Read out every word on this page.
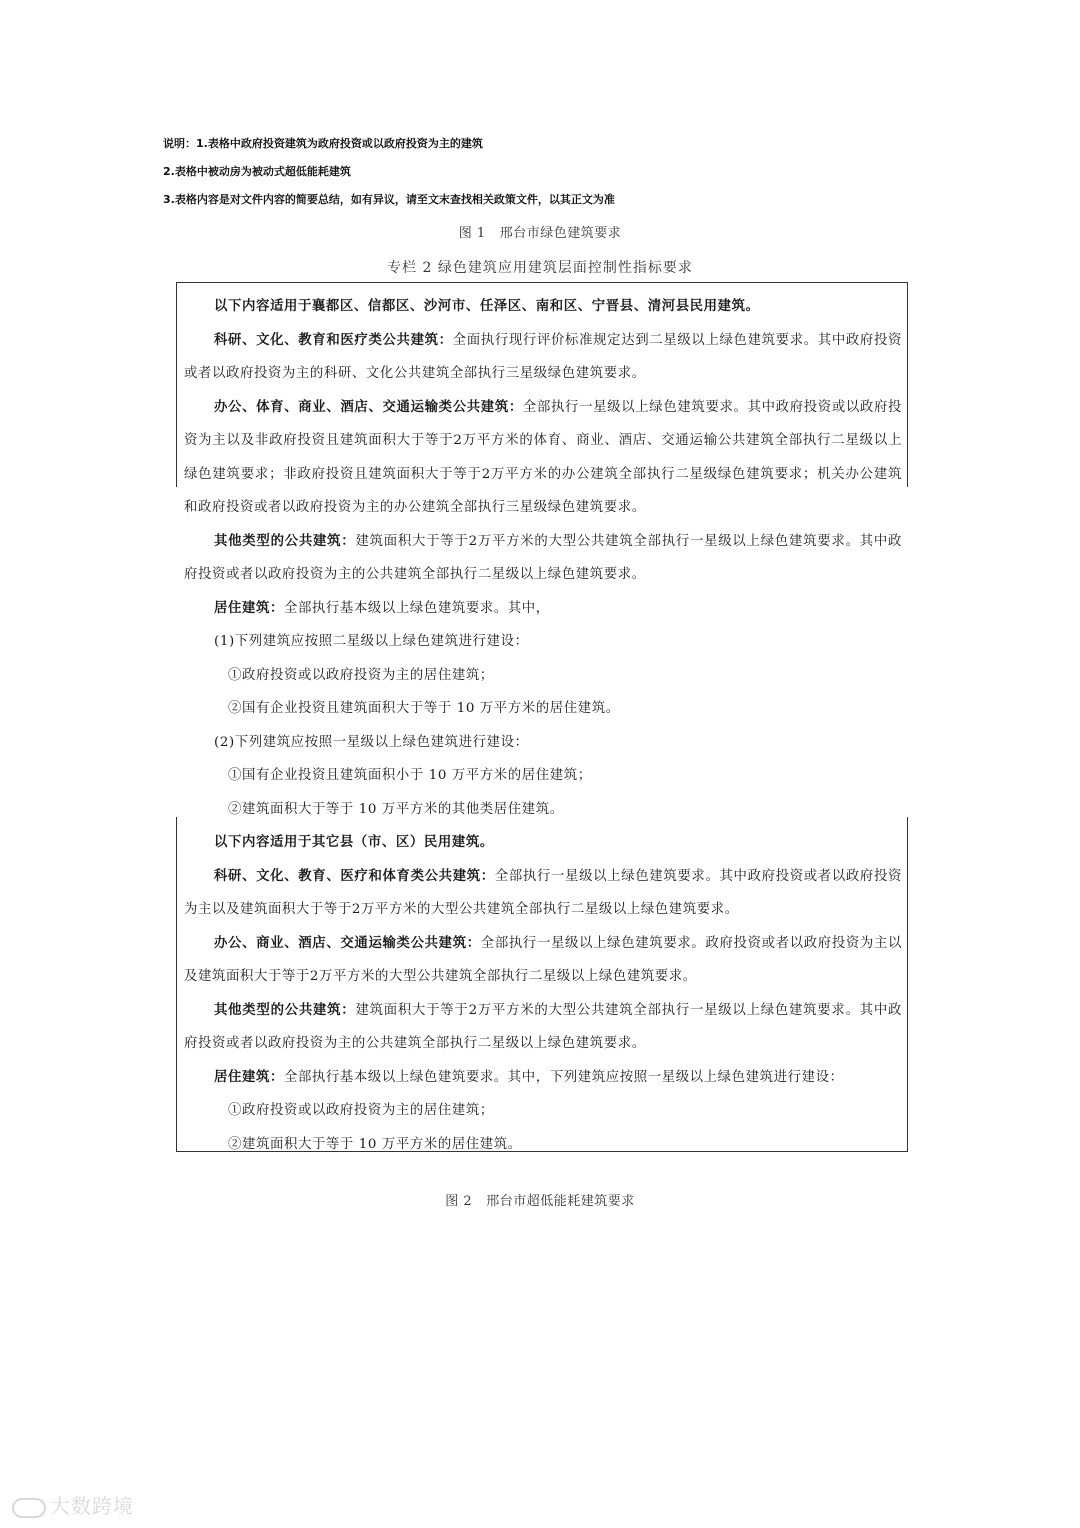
说明：1.表格中政府投资建筑为政府投资或以政府投资为主的建筑
2.表格中被动房为被动式超低能耗建筑
3.表格内容是对文件内容的简要总结，如有异议，请至文末查找相关政策文件，以其正文为准
图 1 邢台市绿色建筑要求
专栏 2 绿色建筑应用建筑层面控制性指标要求

以下内容适用于襄都区、信都区、沙河市、任泽区、南和区、宁晋县、清河县民用建筑。

科研、文化、教育和医疗类公共建筑：全面执行现行评价标准规定达到二星级以上绿色建筑要求。其中政府投资或者以政府投资为主的科研、文化公共建筑全部执行三星级绿色建筑要求。

办公、体育、商业、酒店、交通运输类公共建筑：全部执行一星级以上绿色建筑要求。其中政府投资或以政府投资为主以及非政府投资且建筑面积大于等于2万平方米的体育、商业、酒店、交通运输公共建筑全部执行二星级以上绿色建筑要求；非政府投资且建筑面积大于等于2万平方米的办公建筑全部执行二星级绿色建筑要求；机关办公建筑和政府投资或者以政府投资为主的办公建筑全部执行三星级绿色建筑要求。

其他类型的公共建筑：建筑面积大于等于2万平方米的大型公共建筑全部执行一星级以上绿色建筑要求。其中政府投资或者以政府投资为主的公共建筑全部执行二星级以上绿色建筑要求。

居住建筑：全部执行基本级以上绿色建筑要求。其中，

(1)下列建筑应按照二星级以上绿色建筑进行建设：

①政府投资或以政府投资为主的居住建筑；

②国有企业投资且建筑面积大于等于 10 万平方米的居住建筑。

(2)下列建筑应按照一星级以上绿色建筑进行建设：

①国有企业投资且建筑面积小于 10 万平方米的居住建筑；

②建筑面积大于等于 10 万平方米的其他类居住建筑。

以下内容适用于其它县（市、区）民用建筑。

科研、文化、教育、医疗和体育类公共建筑：全部执行一星级以上绿色建筑要求。其中政府投资或者以政府投资为主以及建筑面积大于等于2万平方米的大型公共建筑全部执行二星级以上绿色建筑要求。

办公、商业、酒店、交通运输类公共建筑：全部执行一星级以上绿色建筑要求。政府投资或者以政府投资为主以及建筑面积大于等于2万平方米的大型公共建筑全部执行二星级以上绿色建筑要求。

其他类型的公共建筑：建筑面积大于等于2万平方米的大型公共建筑全部执行一星级以上绿色建筑要求。其中政府投资或者以政府投资为主的公共建筑全部执行二星级以上绿色建筑要求。

居住建筑：全部执行基本级以上绿色建筑要求。其中，下列建筑应按照一星级以上绿色建筑进行建设：

①政府投资或以政府投资为主的居住建筑；

②建筑面积大于等于 10 万平方米的居住建筑。

图 2 邢台市超低能耗建筑要求
大数跨境
